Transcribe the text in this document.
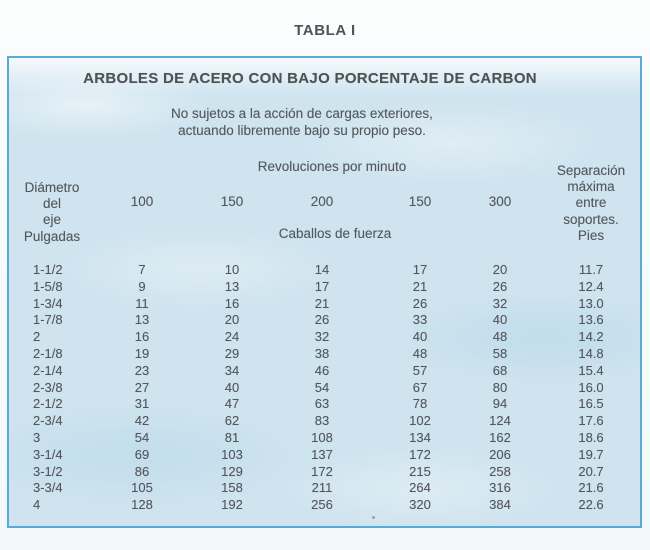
TABLA I
ARBOLES DE ACERO CON BAJO PORCENTAJE DE CARBON
No sujetos a la acción de cargas exteriores,
actuando libremente bajo su propio peso.
Revoluciones por minuto
Diámetro
del
eje
Pulgadas
Separación
máxima
entre
soportes.
Pies
100	150	200	150	300
Caballos de fuerza
1-1/2	7	10	14	17	20	11.7
1-5/8	9	13	17	21	26	12.4
1-3/4	11	16	21	26	32	13.0
1-7/8	13	20	26	33	40	13.6
2	16	24	32	40	48	14.2
2-1/8	19	29	38	48	58	14.8
2-1/4	23	34	46	57	68	15.4
2-3/8	27	40	54	67	80	16.0
2-1/2	31	47	63	78	94	16.5
2-3/4	42	62	83	102	124	17.6
3	54	81	108	134	162	18.6
3-1/4	69	103	137	172	206	19.7
3-1/2	86	129	172	215	258	20.7
3-3/4	105	158	211	264	316	21.6
4	128	192	256	320	384	22.6
